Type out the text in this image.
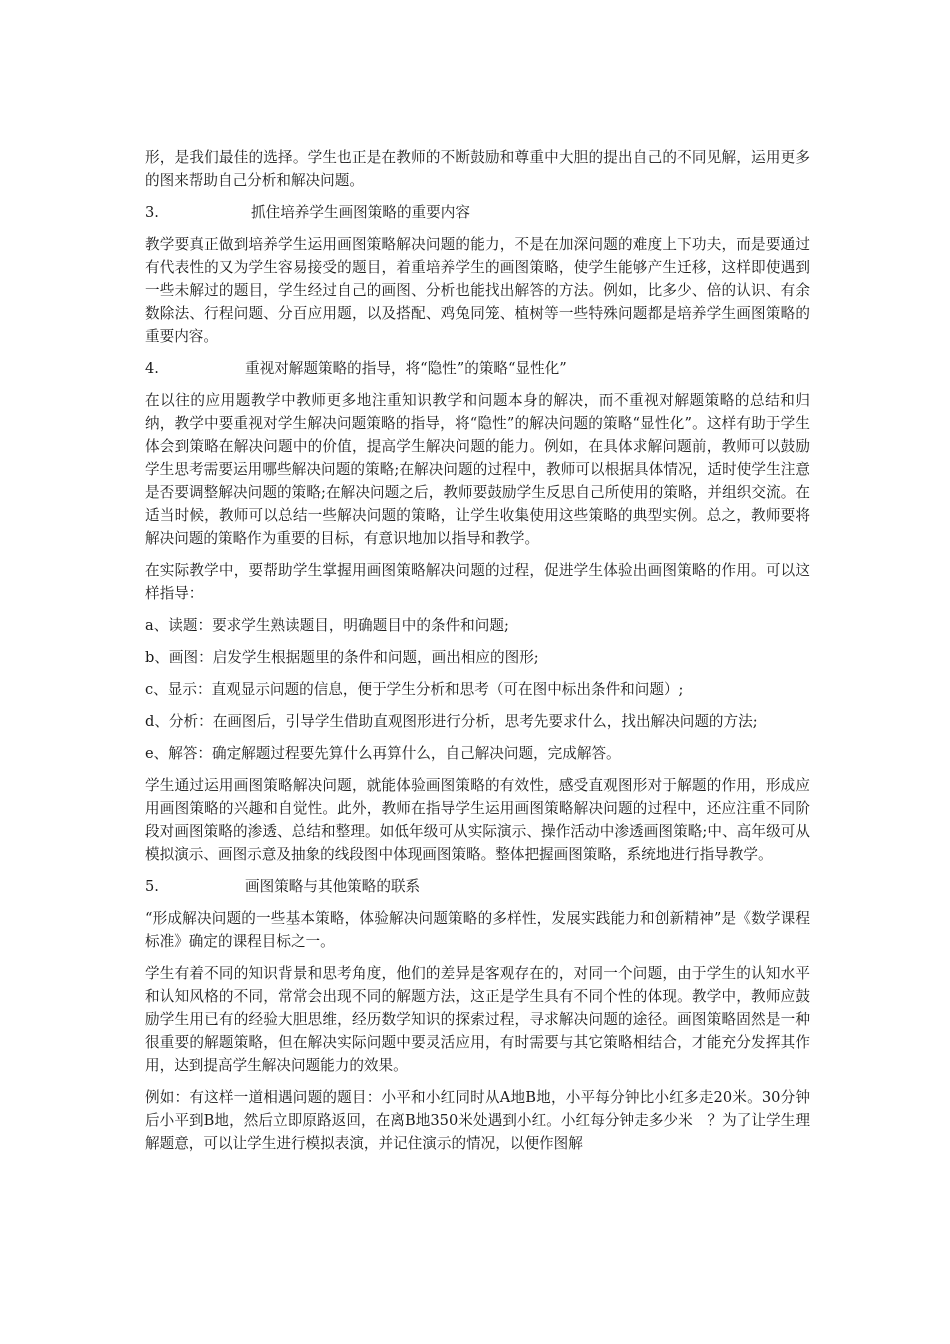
形，是我们最佳的选择。学生也正是在教师的不断鼓励和尊重中大胆的提出自己的不同见解，运用更多的图来帮助自己分析和解决问题。

3.	抓住培养学生画图策略的重要内容

教学要真正做到培养学生运用画图策略解决问题的能力，不是在加深问题的难度上下功夫，而是要通过有代表性的又为学生容易接受的题目，着重培养学生的画图策略，使学生能够产生迁移，这样即使遇到一些未解过的题目，学生经过自己的画图、分析也能找出解答的方法。例如，比多少、倍的认识、有余数除法、行程问题、分百应用题，以及搭配、鸡兔同笼、植树等一些特殊问题都是培养学生画图策略的重要内容。

4.	重视对解题策略的指导，将“隐性”的策略“显性化”

在以往的应用题教学中教师更多地注重知识教学和问题本身的解决，而不重视对解题策略的总结和归纳，教学中要重视对学生解决问题策略的指导，将“隐性”的解决问题的策略“显性化”。这样有助于学生体会到策略在解决问题中的价值，提高学生解决问题的能力。例如，在具体求解问题前，教师可以鼓励学生思考需要运用哪些解决问题的策略;在解决问题的过程中，教师可以根据具体情况，适时使学生注意是否要调整解决问题的策略;在解决问题之后，教师要鼓励学生反思自己所使用的策略，并组织交流。在适当时候，教师可以总结一些解决问题的策略，让学生收集使用这些策略的典型实例。总之，教师要将解决问题的策略作为重要的目标，有意识地加以指导和教学。

在实际教学中，要帮助学生掌握用画图策略解决问题的过程，促进学生体验出画图策略的作用。可以这样指导：

a、读题：要求学生熟读题目，明确题目中的条件和问题;
b、画图：启发学生根据题里的条件和问题，画出相应的图形;
c、显示：直观显示问题的信息，便于学生分析和思考（可在图中标出条件和问题）;
d、分析：在画图后，引导学生借助直观图形进行分析，思考先要求什么，找出解决问题的方法;
e、解答：确定解题过程要先算什么再算什么，自己解决问题，完成解答。

学生通过运用画图策略解决问题，就能体验画图策略的有效性，感受直观图形对于解题的作用，形成应用画图策略的兴趣和自觉性。此外，教师在指导学生运用画图策略解决问题的过程中，还应注重不同阶段对画图策略的渗透、总结和整理。如低年级可从实际演示、操作活动中渗透画图策略;中、高年级可从模拟演示、画图示意及抽象的线段图中体现画图策略。整体把握画图策略，系统地进行指导教学。

5.	画图策略与其他策略的联系

“形成解决问题的一些基本策略，体验解决问题策略的多样性，发展实践能力和创新精神”是《数学课程标准》确定的课程目标之一。

学生有着不同的知识背景和思考角度，他们的差异是客观存在的，对同一个问题，由于学生的认知水平和认知风格的不同，常常会出现不同的解题方法，这正是学生具有不同个性的体现。教学中，教师应鼓励学生用已有的经验大胆思维，经历数学知识的探索过程，寻求解决问题的途径。画图策略固然是一种很重要的解题策略，但在解决实际问题中要灵活应用，有时需要与其它策略相结合，才能充分发挥其作用，达到提高学生解决问题能力的效果。

例如：有这样一道相遇问题的题目：小平和小红同时从A地B地，小平每分钟比小红多走20米。30分钟后小平到B地，然后立即原路返回，在离B地350米处遇到小红。小红每分钟走多少米　？为了让学生理解题意，可以让学生进行模拟表演，并记住演示的情况，以便作图解
